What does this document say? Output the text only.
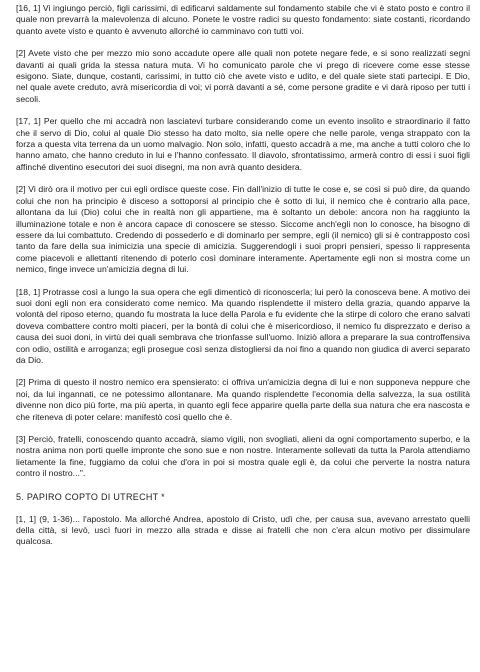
[16, 1] Vi ingiungo perciò, figli carissimi, di edificarvi saldamente sul fondamento stabile che vi è stato posto e contro il quale non prevarrà la malevolenza di alcuno. Ponete le vostre radici su questo fondamento: siate costanti, ricordando quanto avete visto e quanto è avvenuto allorché io camminavo con tutti voi.

[2] Avete visto che per mezzo mio sono accadute opere alle quali non potete negare fede, e si sono realizzati segni davanti ai quali grida la stessa natura muta. Vi ho comunicato parole che vi prego di ricevere come esse stesse esigono. Siate, dunque, costanti, carissimi, in tutto ciò che avete visto e udito, e del quale siete stati partecipi. E Dio, nel quale avete creduto, avrà misericordia di voi; vi porrà davanti a sé, come persone gradite e vi darà riposo per tutti i secoli.

[17, 1] Per quello che mi accadrà non lasciatevi turbare considerando come un evento insolito e straordinario il fatto che il servo di Dio, colui al quale Dio stesso ha dato molto, sia nelle opere che nelle parole, venga strappato con la forza a questa vita terrena da un uomo malvagio. Non solo, infatti, questo accadrà a me, ma anche a tutti coloro che lo hanno amato, che hanno creduto in lui e l'hanno confessato. Il diavolo, sfrontatissimo, armerà contro di essi i suoi figli affinché diventino esecutori dei suoi disegni, ma non avrà quanto desidera.

[2] Vi dirò ora il motivo per cui egli ordisce queste cose. Fin dall'inizio di tutte le cose e, se così si può dire, da quando colui che non ha principio è disceso a sottoporsi al principio che è sotto di lui, il nemico che è contrario alla pace, allontana da lui (Dio) colui che in realtà non gli appartiene, ma è soltanto un debole: ancora non ha raggiunto la illuminazione totale e non è ancora capace di conoscere se stesso. Siccome anch'egli non lo conosce, ha bisogno di essere da lui combattuto. Credendo di possederlo e di dominarlo per sempre, egli (il nemico) gli si è contrapposto così tanto da fare della sua inimicizia una specie di amicizia. Suggerendogli i suoi propri pensieri, spesso li rappresenta come piacevoli e allettanti ritenendo di poterlo così dominare interamente. Apertamente egli non si mostra come un nemico, finge invece un'amicizia degna di lui.

[18, 1] Protrasse così a lungo la sua opera che egli dimenticò di riconoscerla; lui però la conosceva bene. A motivo dei suoi doni egli non era considerato come nemico. Ma quando risplendette il mistero della grazia, quando apparve la volontà del riposo eterno, quando fu mostrata la luce della Parola e fu evidente che la stirpe di coloro che erano salvati doveva combattere contro molti piaceri, per la bontà di colui che è misericordioso, il nemico fu disprezzato e deriso a causa dei suoi doni, in virtù dei quali sembrava che trionfasse sull'uomo. Iniziò allora a preparare la sua controffensiva con odio, ostilità e arroganza; egli prosegue così senza distogliersi da noi fino a quando non giudica di averci separato da Dio.

[2] Prima di questo il nostro nemico era spensierato: ci offriva un'amicizia degna di lui e non supponeva neppure che noi, da lui ingannati, ce ne potessimo allontanare. Ma quando risplendette l'economia della salvezza, la sua ostilità divenne non dico più forte, ma più aperta, in quanto egli fece apparire quella parte della sua natura che era nascosta e che riteneva di poter celare: manifestò così quello che è.

[3] Perciò, fratelli, conoscendo quanto accadrà, siamo vigili, non svogliati, alieni da ogni comportamento superbo, e la nostra anima non porti quelle impronte che sono sue e non nostre. Interamente sollevati da tutta la Parola attendiamo lietamente la fine, fuggiamo da colui che d'ora in poi si mostra quale egli è, da colui che perverte la nostra natura contro il nostro...".

5. PAPIRO COPTO DI UTRECHT *

[1, 1] (9, 1-36)... l'apostolo. Ma allorché Andrea, apostolo di Cristo, udì che, per causa sua, avevano arrestato quelli della città, si levò, uscì fuori in mezzo alla strada e disse ai fratelli che non c'era alcun motivo per dissimulare qualcosa.
